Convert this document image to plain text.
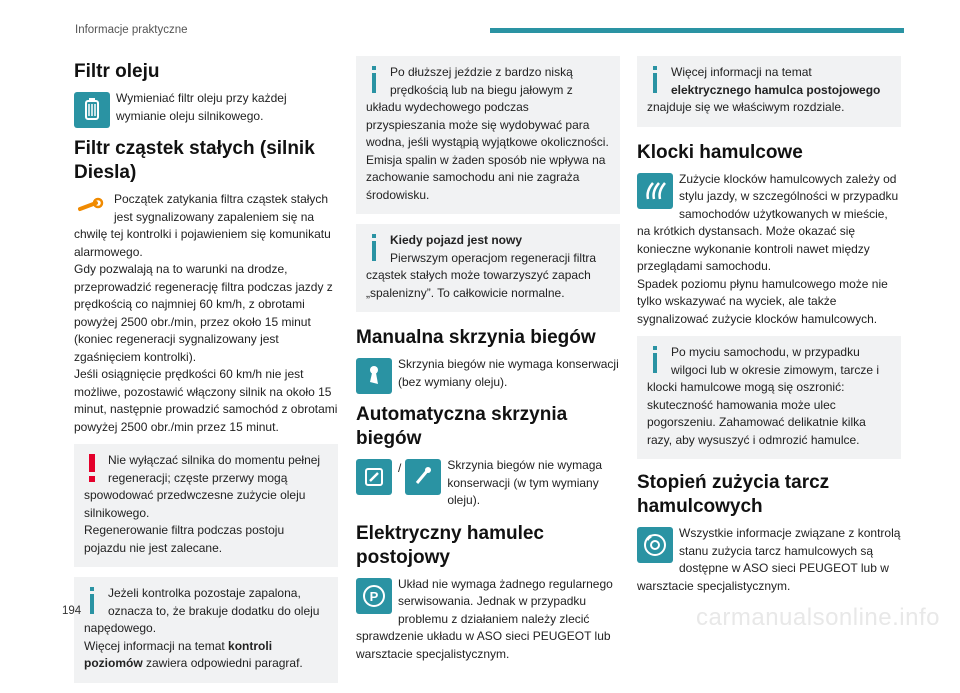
Informacje praktyczne
Filtr oleju

Wymieniać filtr oleju przy każdej wymianie oleju silnikowego.

Filtr cząstek stałych (silnik Diesla)

Początek zatykania filtra cząstek stałych jest sygnalizowany zapaleniem się na chwilę tej kontrolki i pojawieniem się komunikatu alarmowego.

Gdy pozwalają na to warunki na drodze, przeprowadzić regenerację filtra podczas jazdy z prędkością co najmniej 60 km/h, z obrotami powyżej 2500 obr./min, przez około 15 minut (koniec regeneracji sygnalizowany jest zgaśnięciem kontrolki).

Jeśli osiągnięcie prędkości 60 km/h nie jest możliwe, pozostawić włączony silnik na około 15 minut, następnie prowadzić samochód z obrotami powyżej 2500 obr./min przez 15 minut.

Nie wyłączać silnika do momentu pełnej regeneracji; częste przerwy mogą spowodować przedwczesne zużycie oleju silnikowego.

Regenerowanie filtra podczas postoju pojazdu nie jest zalecane.

Jeżeli kontrolka pozostaje zapalona, oznacza to, że brakuje dodatku do oleju napędowego.

Więcej informacji na temat kontroli poziomów zawiera odpowiedni paragraf.

Po dłuższej jeździe z bardzo niską prędkością lub na biegu jałowym z układu wydechowego podczas przyspieszania może się wydobywać para wodna, jeśli wystąpią wyjątkowe okoliczności. Emisja spalin w żaden sposób nie wpływa na zachowanie samochodu ani nie zagraża środowisku.

Kiedy pojazd jest nowy

Pierwszym operacjom regeneracji filtra cząstek stałych może towarzyszyć zapach „spalenizny”. To całkowicie normalne.

Manualna skrzynia biegów

Skrzynia biegów nie wymaga konserwacji (bez wymiany oleju).

Automatyczna skrzynia biegów
/	Skrzynia biegów nie wymaga konserwacji (w tym wymiany oleju).

Elektryczny hamulec postojowy
P

Układ nie wymaga żadnego regularnego serwisowania. Jednak w przypadku problemu z działaniem należy zlecić sprawdzenie układu w ASO sieci PEUGEOT lub warsztacie specjalistycznym.

Więcej informacji na temat elektrycznego hamulca postojowego znajduje się we właściwym rozdziale.

Klocki hamulcowe

Zużycie klocków hamulcowych zależy od stylu jazdy, w szczególności w przypadku samochodów użytkowanych w mieście, na krótkich dystansach. Może okazać się konieczne wykonanie kontroli nawet między przeglądami samochodu.

Spadek poziomu płynu hamulcowego może nie tylko wskazywać na wyciek, ale także sygnalizować zużycie klocków hamulcowych.

Po myciu samochodu, w przypadku wilgoci lub w okresie zimowym, tarcze i klocki hamulcowe mogą się oszronić: skuteczność hamowania może ulec pogorszeniu. Zahamować delikatnie kilka razy, aby wysuszyć i odmrozić hamulce.

Stopień zużycia tarcz hamulcowych

Wszystkie informacje związane z kontrolą stanu zużycia tarcz hamulcowych są dostępne w ASO sieci PEUGEOT lub w warsztacie specjalistycznym.

194	carmanualsonline.info
